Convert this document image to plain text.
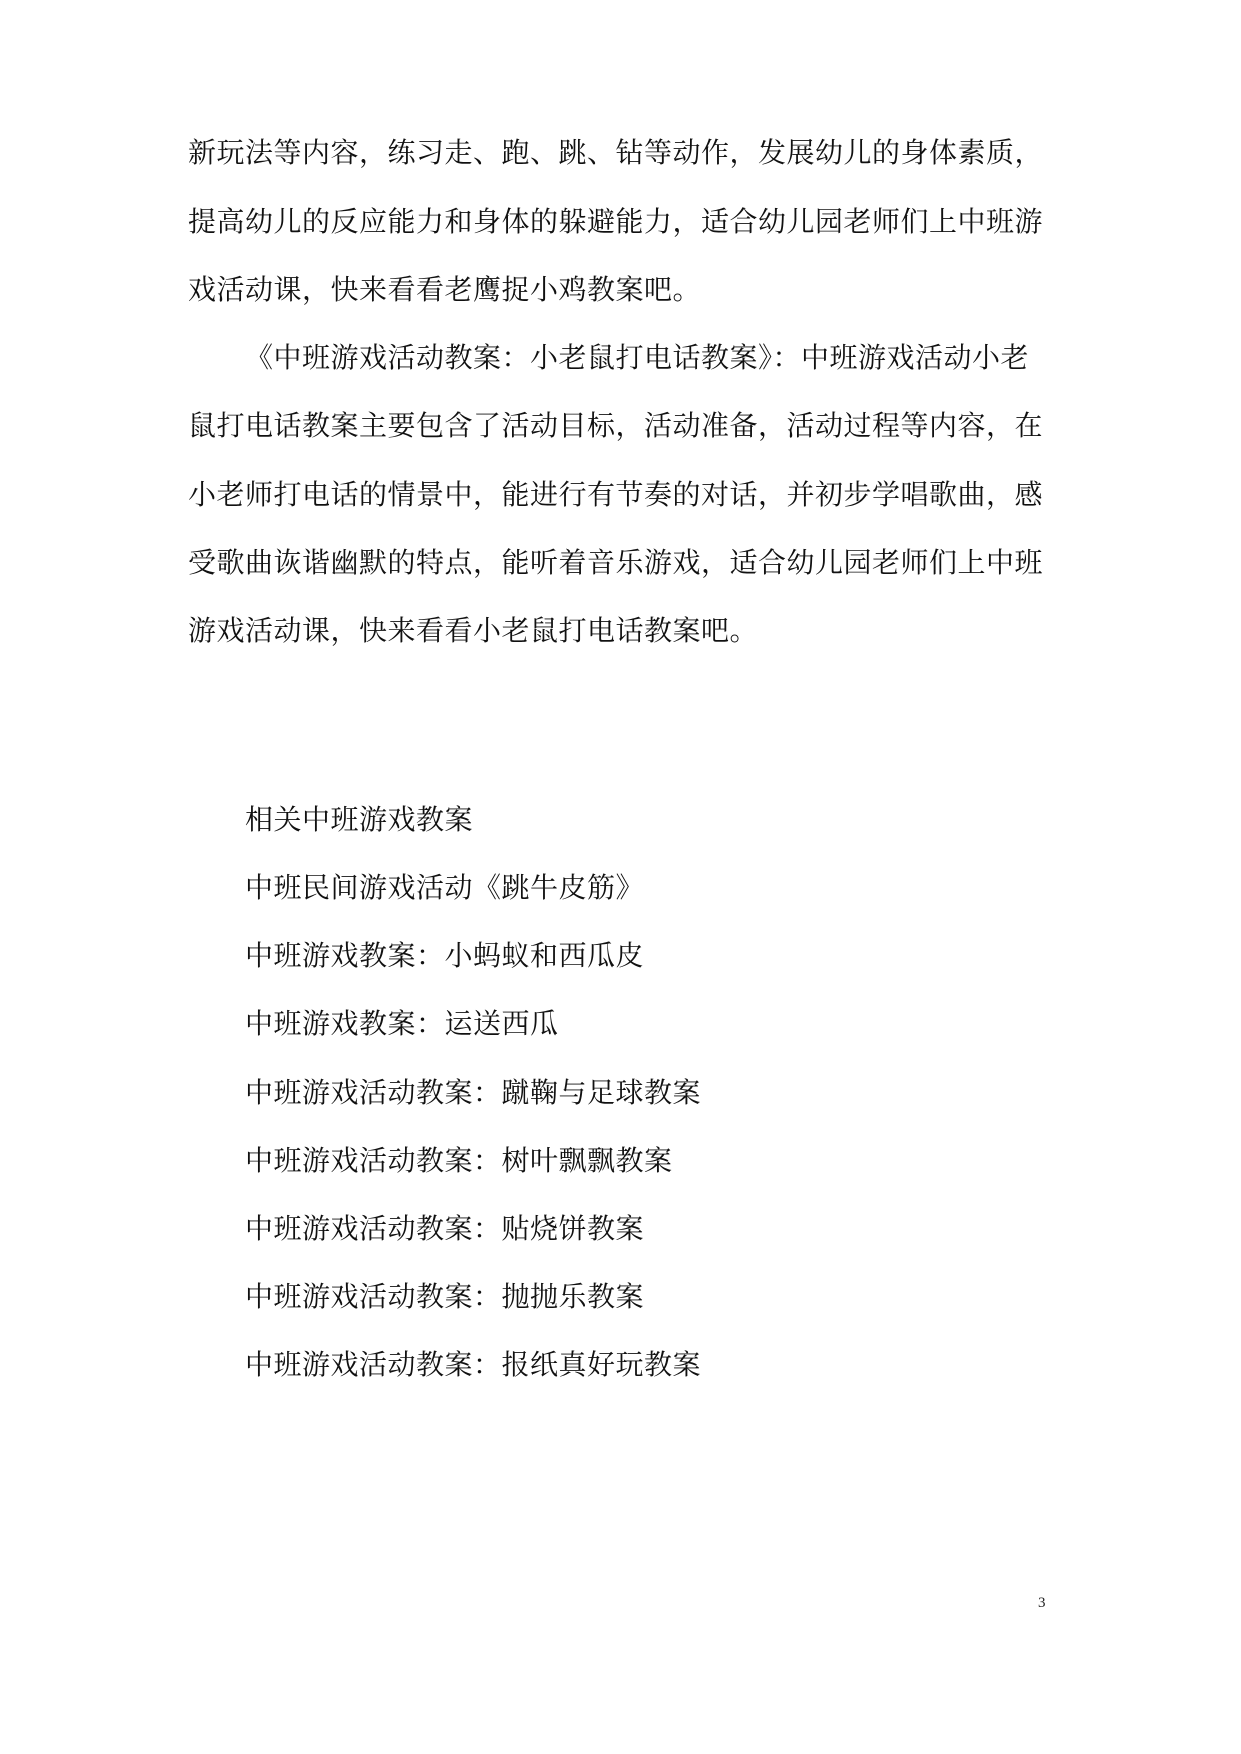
新玩法等内容，练习走、跑、跳、钻等动作，发展幼儿的身体素质，
提高幼儿的反应能力和身体的躲避能力，适合幼儿园老师们上中班游
戏活动课，快来看看老鹰捉小鸡教案吧。
《中班游戏活动教案：小老鼠打电话教案》：中班游戏活动小老
鼠打电话教案主要包含了活动目标，活动准备，活动过程等内容，在
小老师打电话的情景中，能进行有节奏的对话，并初步学唱歌曲，感
受歌曲诙谐幽默的特点，能听着音乐游戏，适合幼儿园老师们上中班
游戏活动课，快来看看小老鼠打电话教案吧。
相关中班游戏教案
中班民间游戏活动《跳牛皮筋》
中班游戏教案：小蚂蚁和西瓜皮
中班游戏教案：运送西瓜
中班游戏活动教案：蹴鞠与足球教案
中班游戏活动教案：树叶飘飘教案
中班游戏活动教案：贴烧饼教案
中班游戏活动教案：抛抛乐教案
中班游戏活动教案：报纸真好玩教案
3
